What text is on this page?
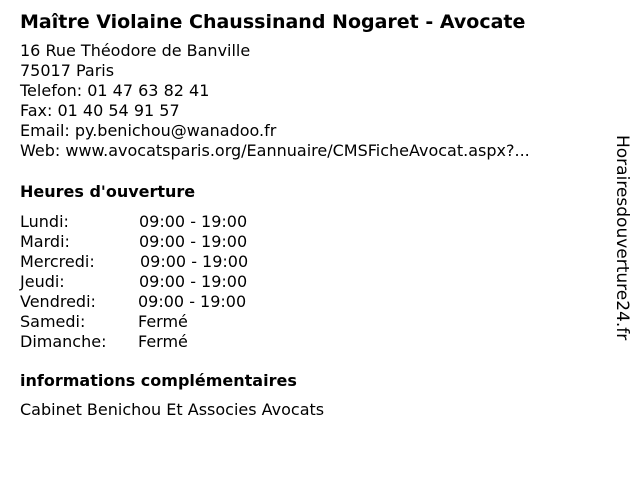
Maître Violaine Chaussinand Nogaret - Avocate

16 Rue Théodore de Banville

75017 Paris

Telefon: 01 47 63 82 41

Fax: 01 40 54 91 57

Email: py.benichou@wanadoo.fr

Web: www.avocatsparis.org/Eannuaire/CMSFicheAvocat.aspx?...

Heures d'ouverture
Lundi:	09:00 - 19:00
Mardi:	09:00 - 19:00
Mercredi:	09:00 - 19:00
Jeudi:	09:00 - 19:00
Vendredi:	09:00 - 19:00
Samedi:	Fermé
Dimanche: Fermé
informations complémentaires

Cabinet Benichou Et Associes Avocats

Horairesdouverture24.fr
